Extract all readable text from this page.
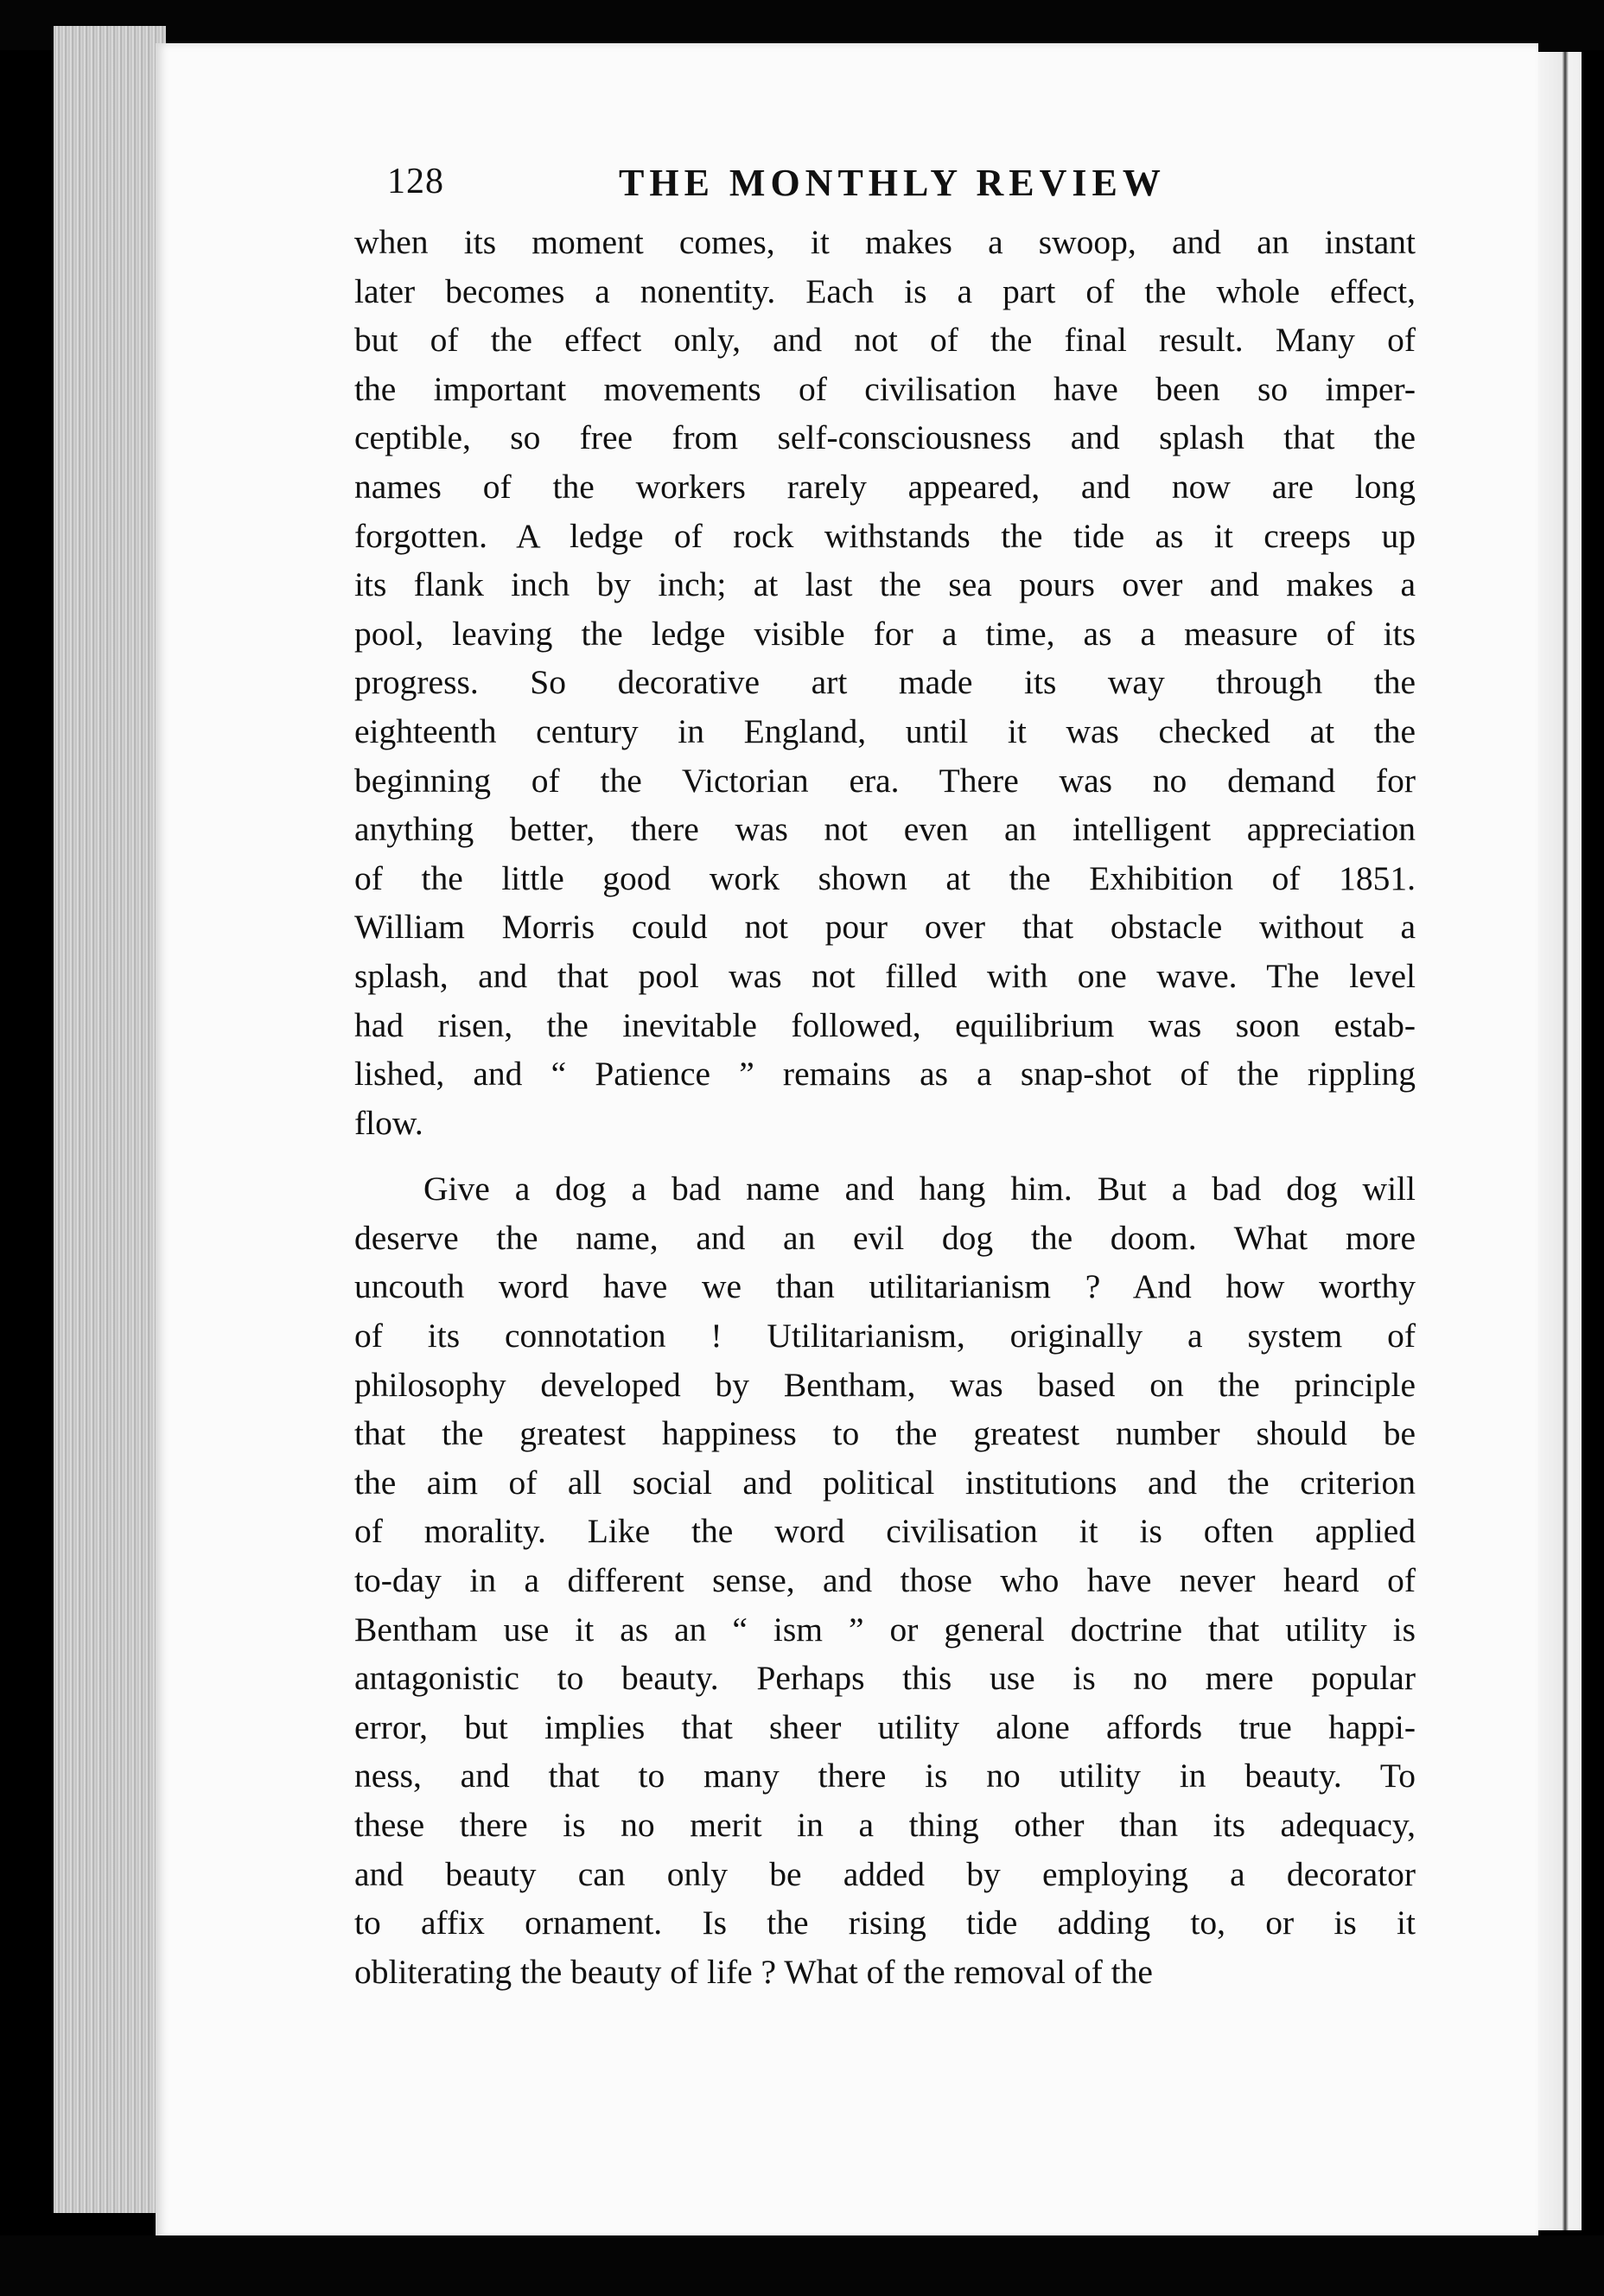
128	THE MONTHLY REVIEW
when its moment comes, it makes a swoop, and an instant
later becomes a nonentity. Each is a part of the whole effect,
but of the effect only, and not of the final result. Many of
the important movements of civilisation have been so imper-
ceptible, so free from self-consciousness and splash that the
names of the workers rarely appeared, and now are long
forgotten. A ledge of rock withstands the tide as it creeps up
its flank inch by inch; at last the sea pours over and makes a
pool, leaving the ledge visible for a time, as a measure of its
progress. So decorative art made its way through the
eighteenth century in England, until it was checked at the
beginning of the Victorian era. There was no demand for
anything better, there was not even an intelligent appreciation
of the little good work shown at the Exhibition of 1851.
William Morris could not pour over that obstacle without a
splash, and that pool was not filled with one wave. The level
had risen, the inevitable followed, equilibrium was soon estab-
lished, and “ Patience ” remains as a snap-shot of the rippling
flow.
Give a dog a bad name and hang him. But a bad dog will
deserve the name, and an evil dog the doom. What more
uncouth word have we than utilitarianism ? And how worthy
of its connotation ! Utilitarianism, originally a system of
philosophy developed by Bentham, was based on the principle
that the greatest happiness to the greatest number should be
the aim of all social and political institutions and the criterion
of morality. Like the word civilisation it is often applied
to-day in a different sense, and those who have never heard of
Bentham use it as an “ ism ” or general doctrine that utility is
antagonistic to beauty. Perhaps this use is no mere popular
error, but implies that sheer utility alone affords true happi-
ness, and that to many there is no utility in beauty. To
these there is no merit in a thing other than its adequacy,
and beauty can only be added by employing a decorator
to affix ornament. Is the rising tide adding to, or is it
obliterating the beauty of life ? What of the removal of the
